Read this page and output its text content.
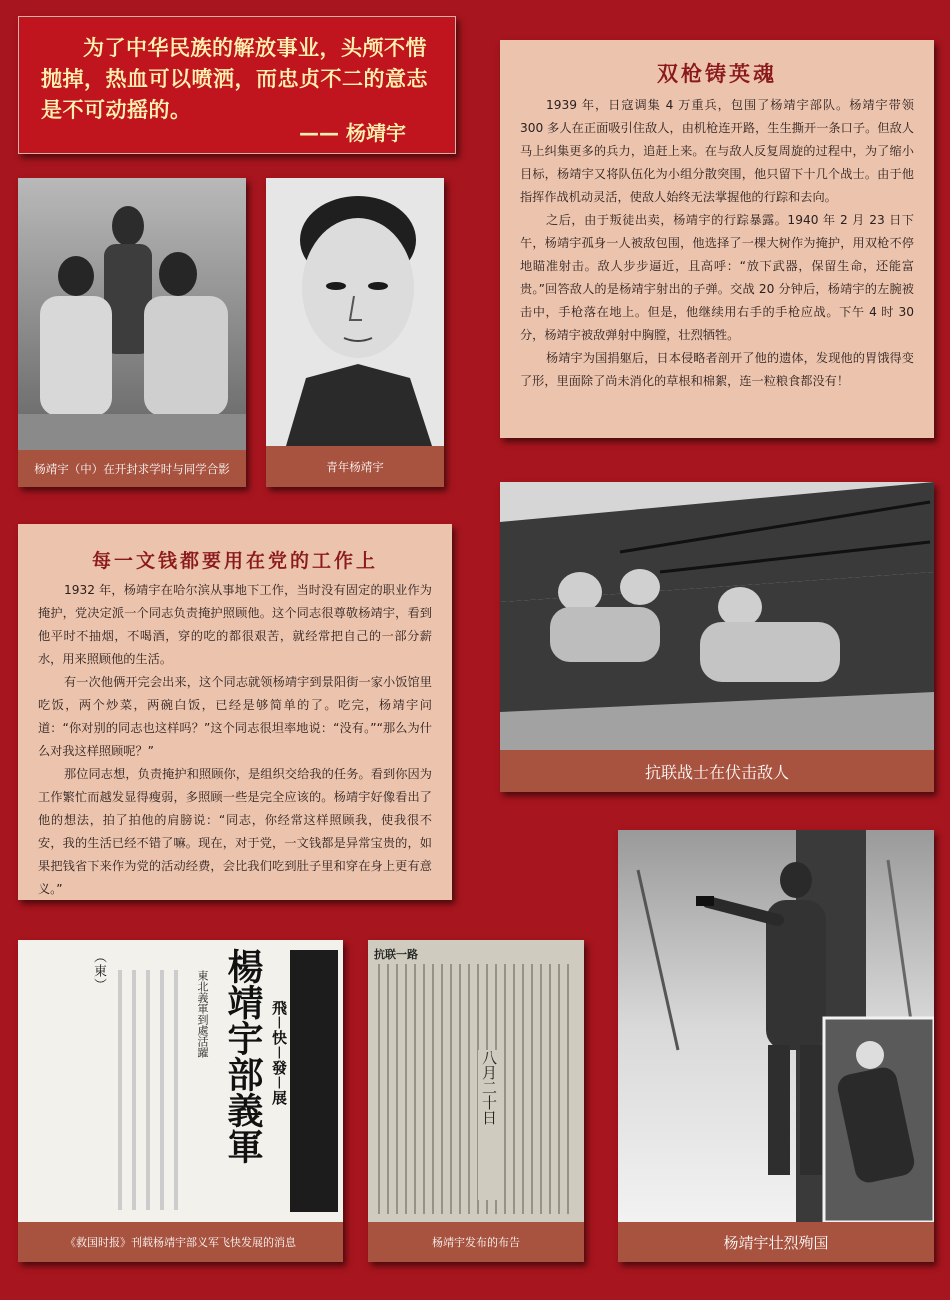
为了中华民族的解放事业，头颅不惜抛掉，热血可以喷洒，而忠贞不二的意志是不可动摇的。
—— 杨靖宇
杨靖宇（中）在开封求学时与同学合影	青年杨靖宇
双枪铸英魂

1939 年，日寇调集 4 万重兵，包围了杨靖宇部队。杨靖宇带领 300 多人在正面吸引住敌人，由机枪连开路，生生撕开一条口子。但敌人马上纠集更多的兵力，追赶上来。在与敌人反复周旋的过程中，为了缩小目标，杨靖宇又将队伍化为小组分散突围，他只留下十几个战士。由于他指挥作战机动灵活，使敌人始终无法掌握他的行踪和去向。

之后，由于叛徒出卖，杨靖宇的行踪暴露。1940 年 2 月 23 日下午，杨靖宇孤身一人被敌包围，他选择了一棵大树作为掩护，用双枪不停地瞄准射击。敌人步步逼近，且高呼：“放下武器，保留生命，还能富贵。”回答敌人的是杨靖宇射出的子弹。交战 20 分钟后，杨靖宇的左腕被击中，手枪落在地上。但是，他继续用右手的手枪应战。下午 4 时 30 分，杨靖宇被敌弹射中胸膛，壮烈牺牲。

杨靖宇为国捐躯后，日本侵略者剖开了他的遗体，发现他的胃饿得变了形，里面除了尚未消化的草根和棉絮，连一粒粮食都没有！

每一文钱都要用在党的工作上

1932 年，杨靖宇在哈尔滨从事地下工作，当时没有固定的职业作为掩护，党决定派一个同志负责掩护照顾他。这个同志很尊敬杨靖宇，看到他平时不抽烟，不喝酒，穿的吃的都很艰苦，就经常把自己的一部分薪水，用来照顾他的生活。

有一次他俩开完会出来，这个同志就领杨靖宇到景阳街一家小饭馆里吃饭，两个炒菜，两碗白饭，已经是够简单的了。吃完，杨靖宇问道：“你对别的同志也这样吗？”这个同志很坦率地说：“没有。”“那么为什么对我这样照顾呢？”

那位同志想，负责掩护和照顾你，是组织交给我的任务。看到你因为工作繁忙而越发显得瘦弱，多照顾一些是完全应该的。杨靖宇好像看出了他的想法，拍了拍他的肩膀说：“同志，你经常这样照顾我，使我很不安，我的生活已经不错了嘛。现在，对于党，一文钱都是异常宝贵的，如果把钱省下来作为党的活动经费，会比我们吃到肚子里和穿在身上更有意义。”

抗联战士在伏击敌人
杨靖宇壮烈殉国
（東）	東北義軍到處活躍 楊靖宇部義軍 飛－快－發－展
《救国时报》刊载杨靖宇部义军飞快发展的消息
抗联一路
八月二十日
杨靖宇发布的布告
